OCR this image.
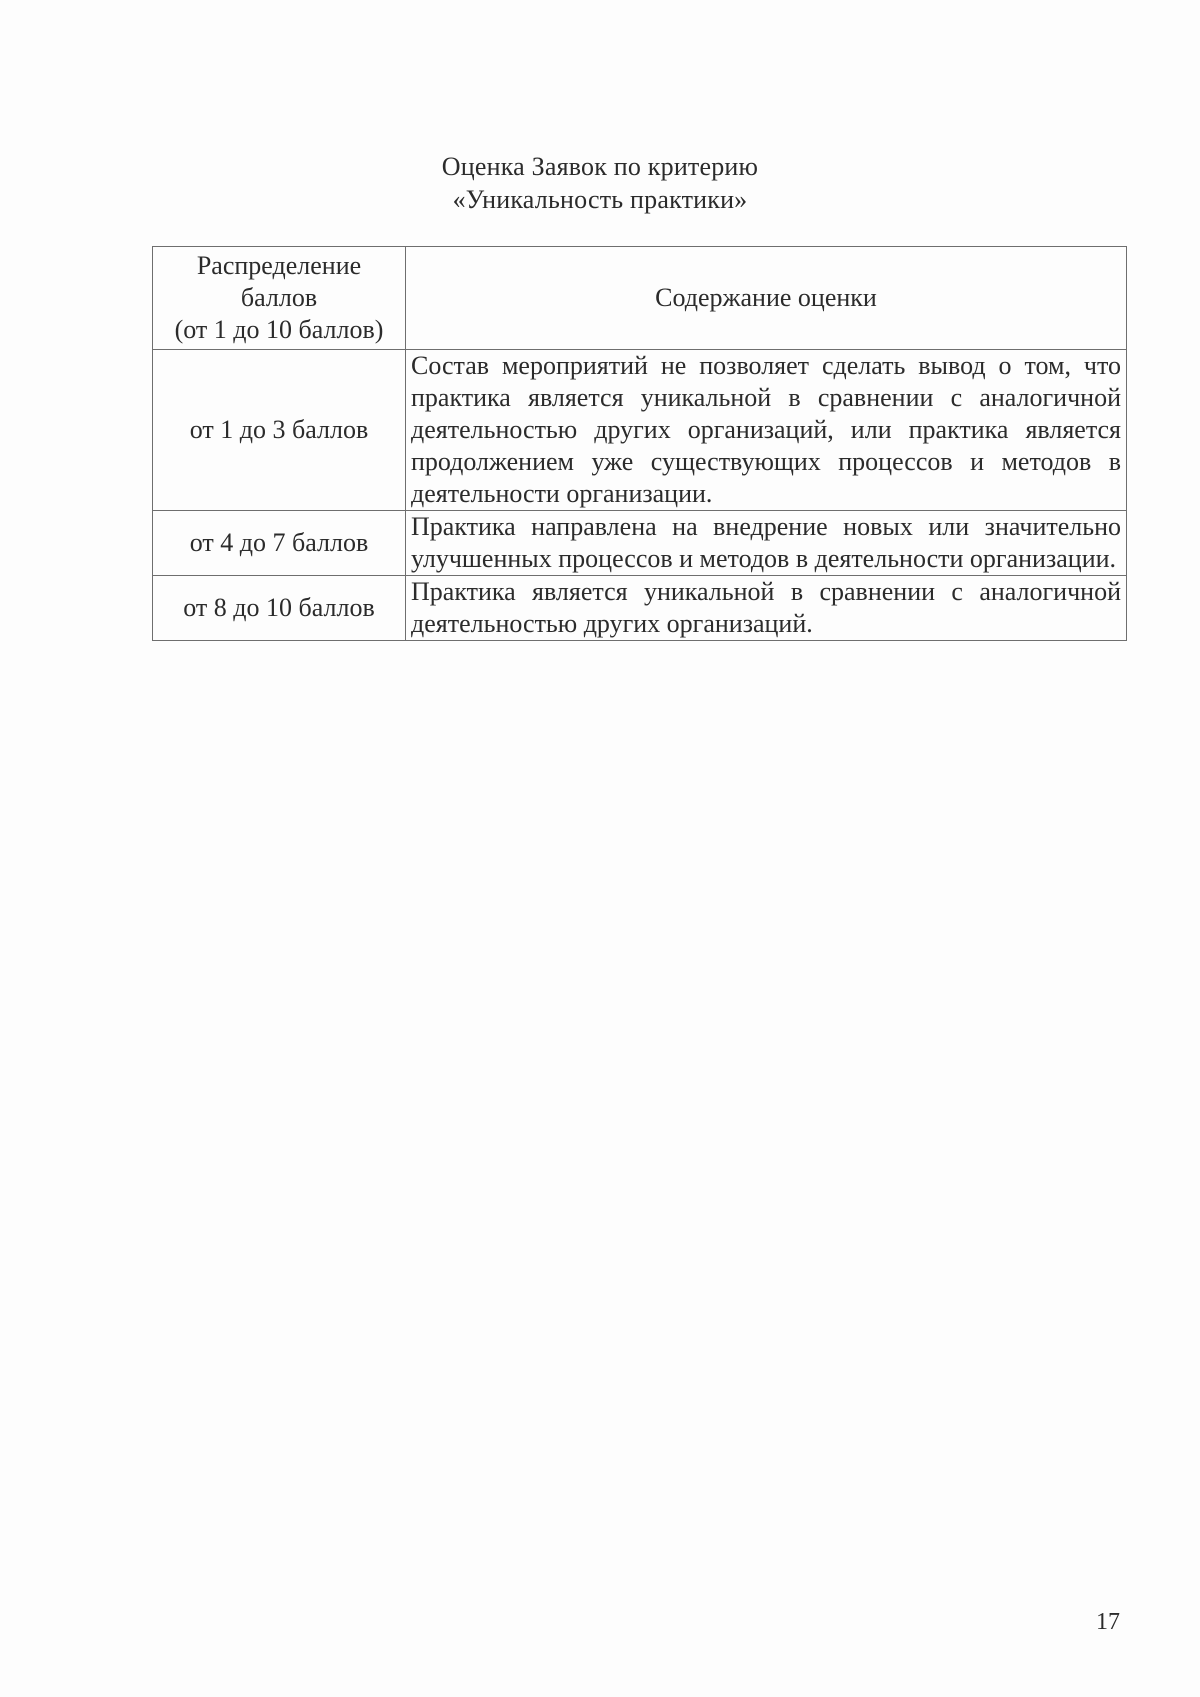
Оценка Заявок по критерию
«Уникальность практики»
Распределение
баллов
(от 1 до 10 баллов)	Содержание оценки
от 1 до 3 баллов	Состав мероприятий не позволяет сделать вывод о том, что практика является уникальной в сравнении с аналогичной деятельностью других организаций, или практика является продолжением уже существующих процессов и методов в деятельности организации.
от 4 до 7 баллов	Практика направлена на внедрение новых или значительно улучшенных процессов и методов в деятельности организации.
от 8 до 10 баллов	Практика является уникальной в сравнении с аналогичной деятельностью других организаций.
17
